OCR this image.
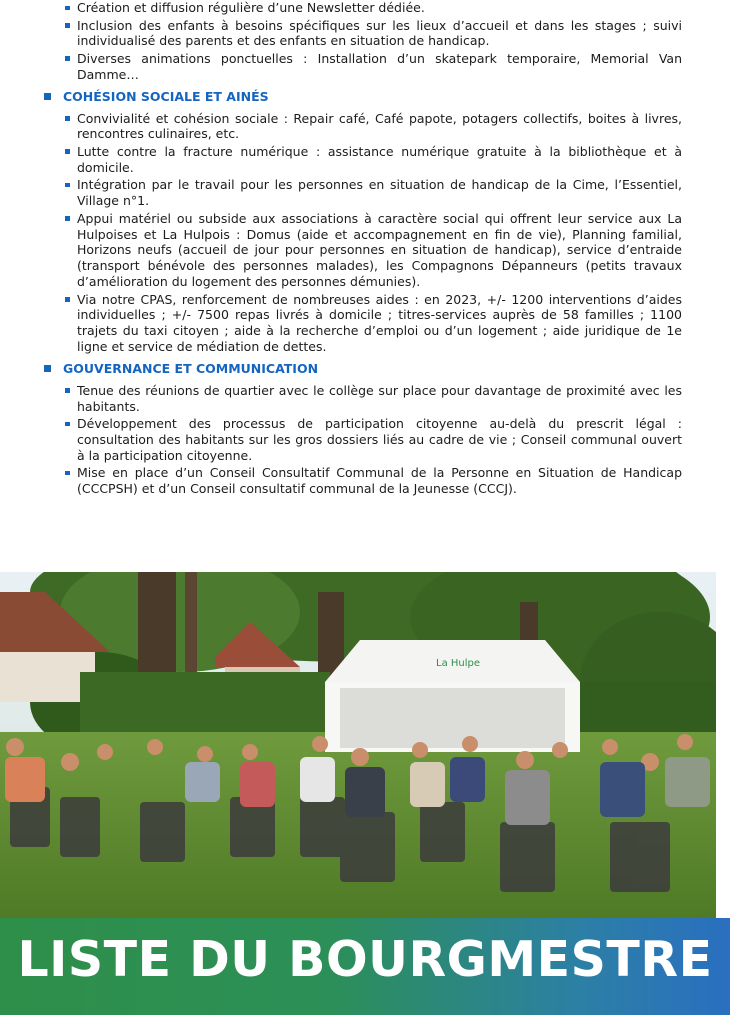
Création et diffusion régulière d’une Newsletter dédiée.
Inclusion des enfants à besoins spécifiques sur les lieux d’accueil et dans les stages ; suivi individualisé des parents et des enfants en situation de handicap.
Diverses animations ponctuelles : Installation d’un skatepark temporaire, Memorial Van Damme…
COHÉSION SOCIALE ET AINÉS
Convivialité et cohésion sociale : Repair café, Café papote, potagers collectifs, boites à livres, rencontres culinaires, etc.
Lutte contre la fracture numérique : assistance numérique gratuite à la bibliothèque et à domicile.
Intégration par le travail pour les personnes en situation de handicap de la Cime, l’Essentiel, Village n°1.
Appui matériel ou subside aux associations à caractère social qui offrent leur service aux La Hulpoises et La Hulpois : Domus (aide et accompagnement en fin de vie), Planning familial, Horizons neufs (accueil de jour pour personnes en situation de handicap), service d’entraide (transport bénévole des personnes malades), les Compagnons Dépanneurs (petits travaux d’amélioration du logement des personnes démunies).
Via notre CPAS, renforcement de nombreuses aides : en 2023, +/- 1200 interventions d’aides individuelles ; +/- 7500 repas livrés à domicile ; titres-services auprès de 58 familles ; 1100 trajets du taxi citoyen ; aide à la recherche d’emploi ou d’un logement ; aide juridique de 1e ligne et service de médiation de dettes.
GOUVERNANCE ET COMMUNICATION
Tenue des réunions de quartier avec le collège sur place pour davantage de proximité avec les habitants.
Développement des processus de participation citoyenne au-delà du prescrit légal : consultation des habitants sur les gros dossiers liés au cadre de vie ; Conseil communal ouvert à la participation citoyenne.
Mise en place d’un Conseil Consultatif Communal de la Personne en Situation de Handicap (CCCPSH) et d’un Conseil consultatif communal de la Jeunesse (CCCJ).
La Hulpe
LISTE DU BOURGMESTRE
